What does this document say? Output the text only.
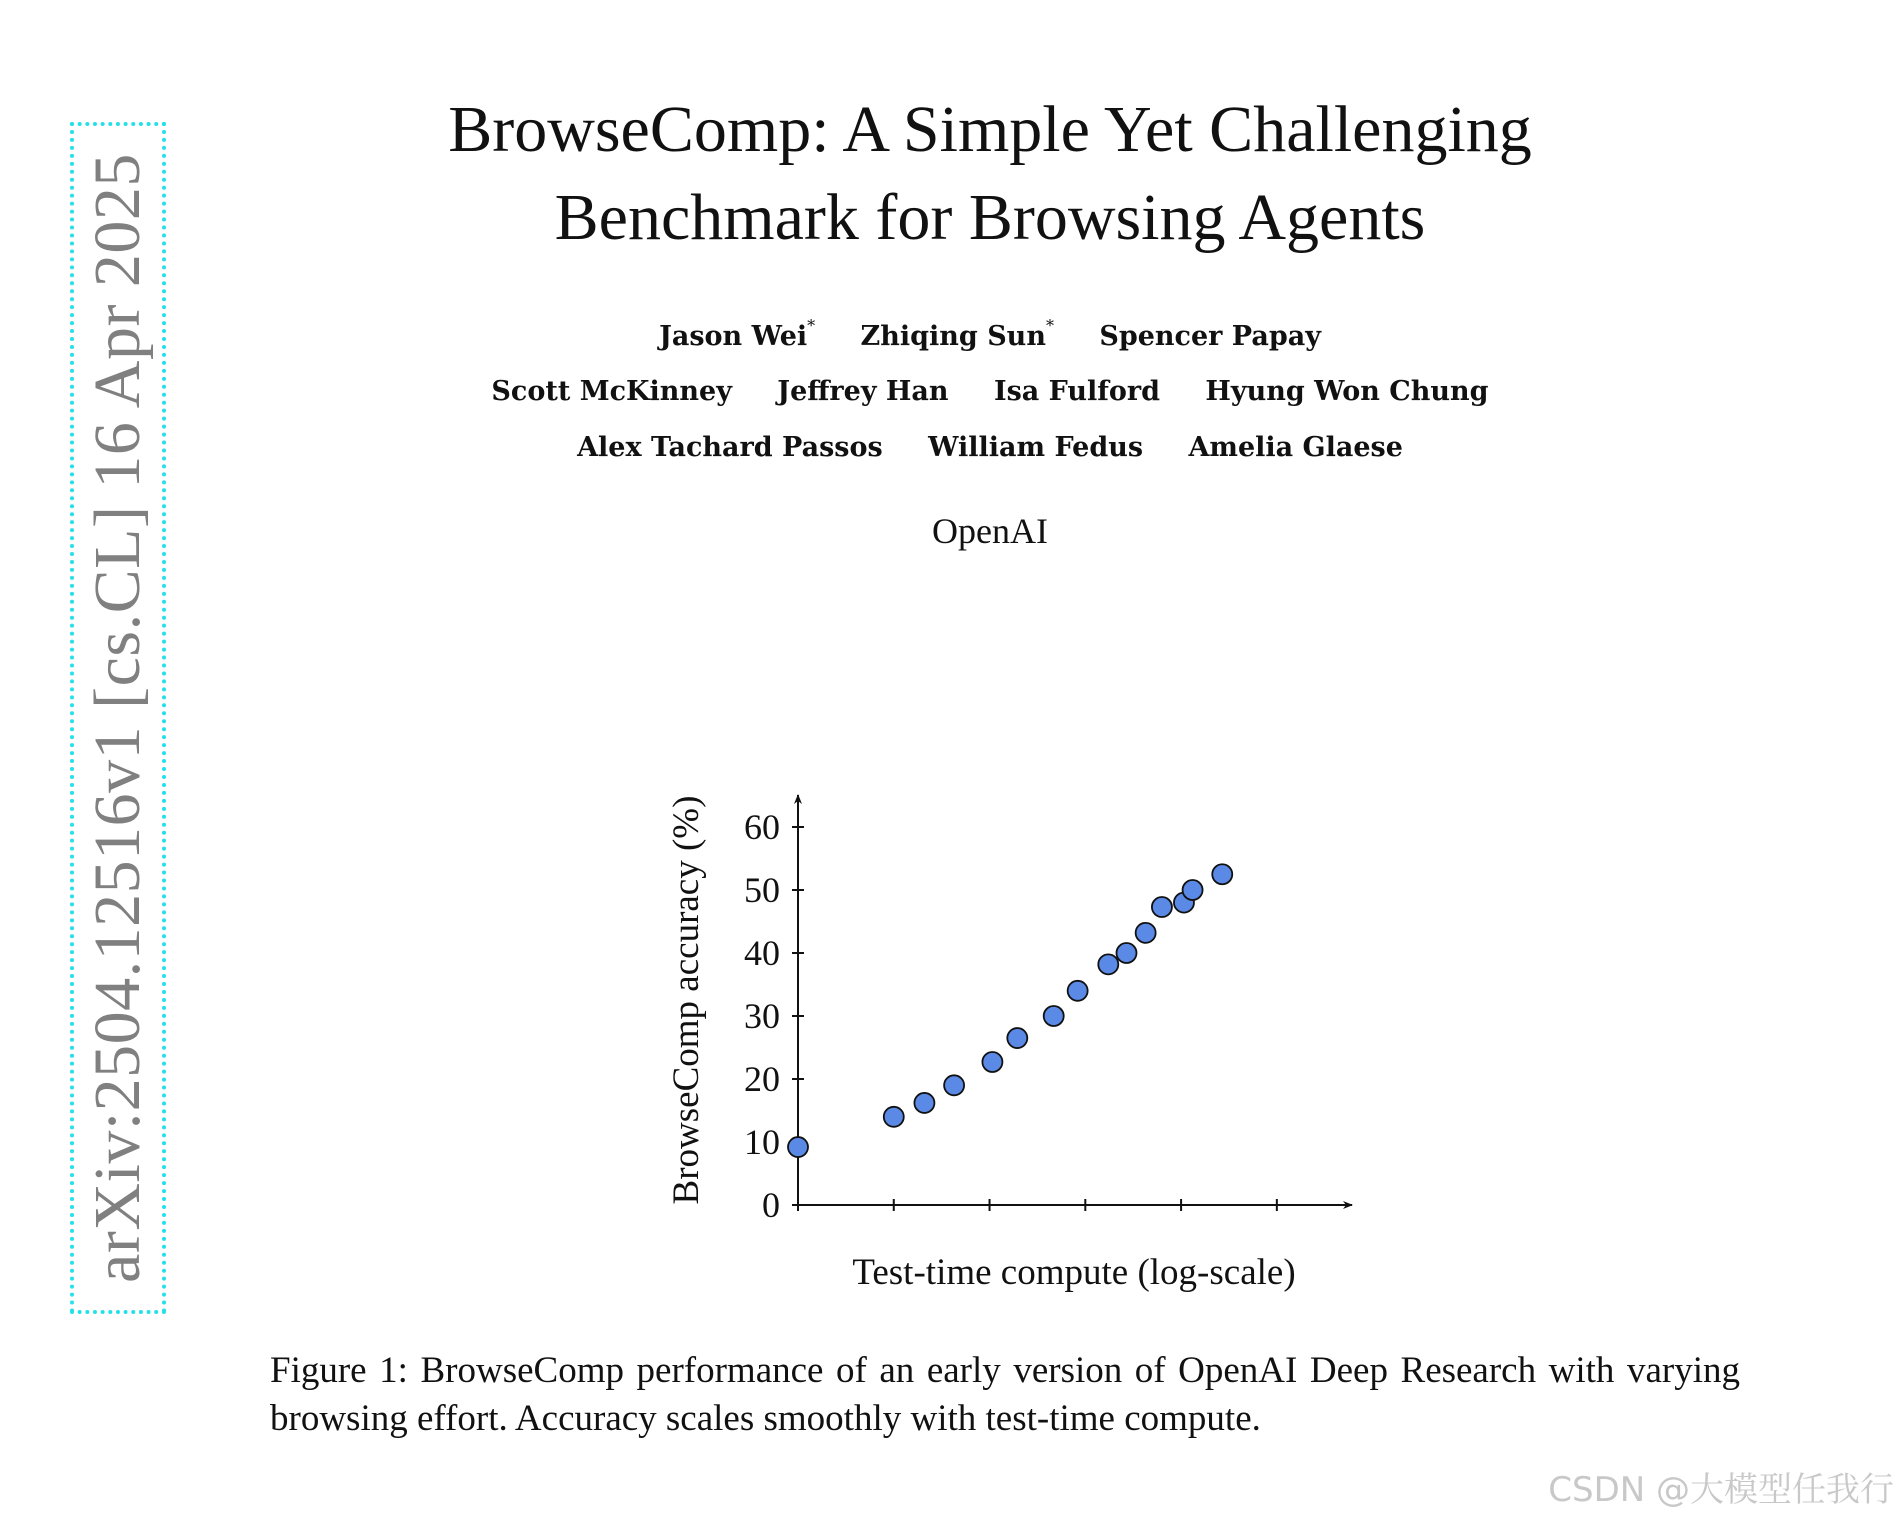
arXiv:2504.12516v1 [cs.CL] 16 Apr 2025
BrowseComp: A Simple Yet Challenging
Benchmark for Browsing Agents
Jason Wei* Zhiqing Sun* Spencer Papay
Scott McKinney Jeffrey Han Isa Fulford Hyung Won Chung
Alex Tachard Passos William Fedus Amelia Glaese
OpenAI
0
10
20
30
40
50
60
BrowseComp accuracy (%)
Test-time compute (log-scale)
Figure 1: BrowseComp performance of an early version of OpenAI Deep Research with varying browsing effort. Accuracy scales smoothly with test-time compute.
CSDN @大模型任我行
